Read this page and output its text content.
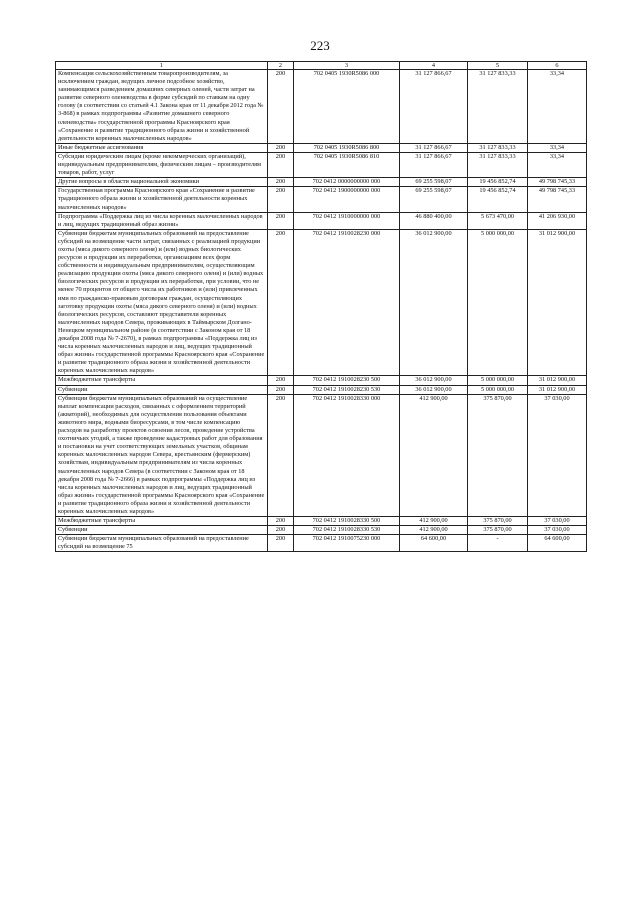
223
1	2	3	4	5	6
Компенсация сельскохозяйственным товаропроизводителям, за исключением граждан, ведущих личное подсобное хозяйство, занимающимся разведением домашних северных оленей, части затрат на развитие северного оленеводства в форме субсидий по ставкам на одну голову (в соответствии со статьей 4.1 Закона края от 11 декабря 2012 года № 3-868) в рамках подпрограммы «Развитие домашнего северного оленеводства» государственной программы Красноярского края «Сохранение и развитие традиционного образа жизни и хозяйственной деятельности коренных малочисленных народов»	200	702 0405 1930R5086 000	31 127 866,67	31 127 833,33	33,34
Иные бюджетные ассигнования	200	702 0405 1930R5086 800	31 127 866,67	31 127 833,33	33,34
Субсидии юридическим лицам (кроме некоммерческих организаций), индивидуальным предпринимателям, физическим лицам – производителям товаров, работ, услуг	200	702 0405 1930R5086 810	31 127 866,67	31 127 833,33	33,34
Другие вопросы в области национальной экономики	200	702 0412 0000000000 000	69 255 598,07	19 456 852,74	49 798 745,33
Государственная программа Красноярского края «Сохранение и развитие традиционного образа жизни и хозяйственной деятельности коренных малочисленных народов»	200	702 0412 1900000000 000	69 255 598,07	19 456 852,74	49 798 745,33
Подпрограмма «Поддержка лиц из числа коренных малочисленных народов и лиц, ведущих традиционный образ жизни»	200	702 0412 1910000000 000	46 880 400,00	5 673 470,00	41 206 930,00
Субвенции бюджетам муниципальных образований на предоставление субсидий на возмещение части затрат, связанных с реализацией продукции охоты (мяса дикого северного оленя) и (или) водных биологических ресурсов и продукции их переработки, организациям всех форм собственности и индивидуальным предпринимателям, осуществляющим реализацию продукции охоты (мяса дикого северного оленя) и (или) водных биологических ресурсов и продукции их переработки, при условии, что не менее 70 процентов от общего числа их работников и (или) привлеченных ими по гражданско-правовым договорам граждан, осуществляющих заготовку продукции охоты (мяса дикого северного оленя) и (или) водных биологических ресурсов, составляют представители коренных малочисленных народов Севера, проживающих в Таймырском Долгано-Ненецком муниципальном районе (в соответствии с Законом края от 18 декабря 2008 года № 7-2670), в рамках подпрограммы «Поддержка лиц из числа коренных малочисленных народов и лиц, ведущих традиционный образ жизни» государственной программы Красноярского края «Сохранение и развитие традиционного образа жизни и хозяйственной деятельности коренных малочисленных народов»	200	702 0412 1910028230 000	36 012 900,00	5 000 000,00	31 012 900,00
Межбюджетные трансферты	200	702 0412 1910028230 500	36 012 900,00	5 000 000,00	31 012 900,00
Субвенции	200	702 0412 1910028230 530	36 012 900,00	5 000 000,00	31 012 900,00
Субвенции бюджетам муниципальных образований на осуществление выплат компенсации расходов, связанных с оформлением территорий (акваторий), необходимых для осуществления пользования объектами животного мира, водными биоресурсами, в том числе компенсацию расходов на разработку проектов освоения лесов, проведение устройства охотничьих угодий, а также проведение кадастровых работ для образования и постановки на учет соответствующих земельных участков, общинам коренных малочисленных народов Севера, крестьянским (фермерским) хозяйствам, индивидуальным предпринимателям из числа коренных малочисленных народов Севера (в соответствии с Законом края от 18 декабря 2008 года № 7-2666) в рамках подпрограммы «Поддержка лиц из числа коренных малочисленных народов и лиц, ведущих традиционный образ жизни» государственной программы Красноярского края «Сохранение и развитие традиционного образа жизни и хозяйственной деятельности коренных малочисленных народов»	200	702 0412 1910028330 000	412 900,00	375 870,00	37 030,00
Межбюджетные трансферты	200	702 0412 1910028330 500	412 900,00	375 870,00	37 030,00
Субвенции	200	702 0412 1910028330 530	412 900,00	375 870,00	37 030,00
Субвенции бюджетам муниципальных образований на предоставление субсидий на возмещение 75	200	702 0412 1910075230 000	64 600,00	-	64 600,00
